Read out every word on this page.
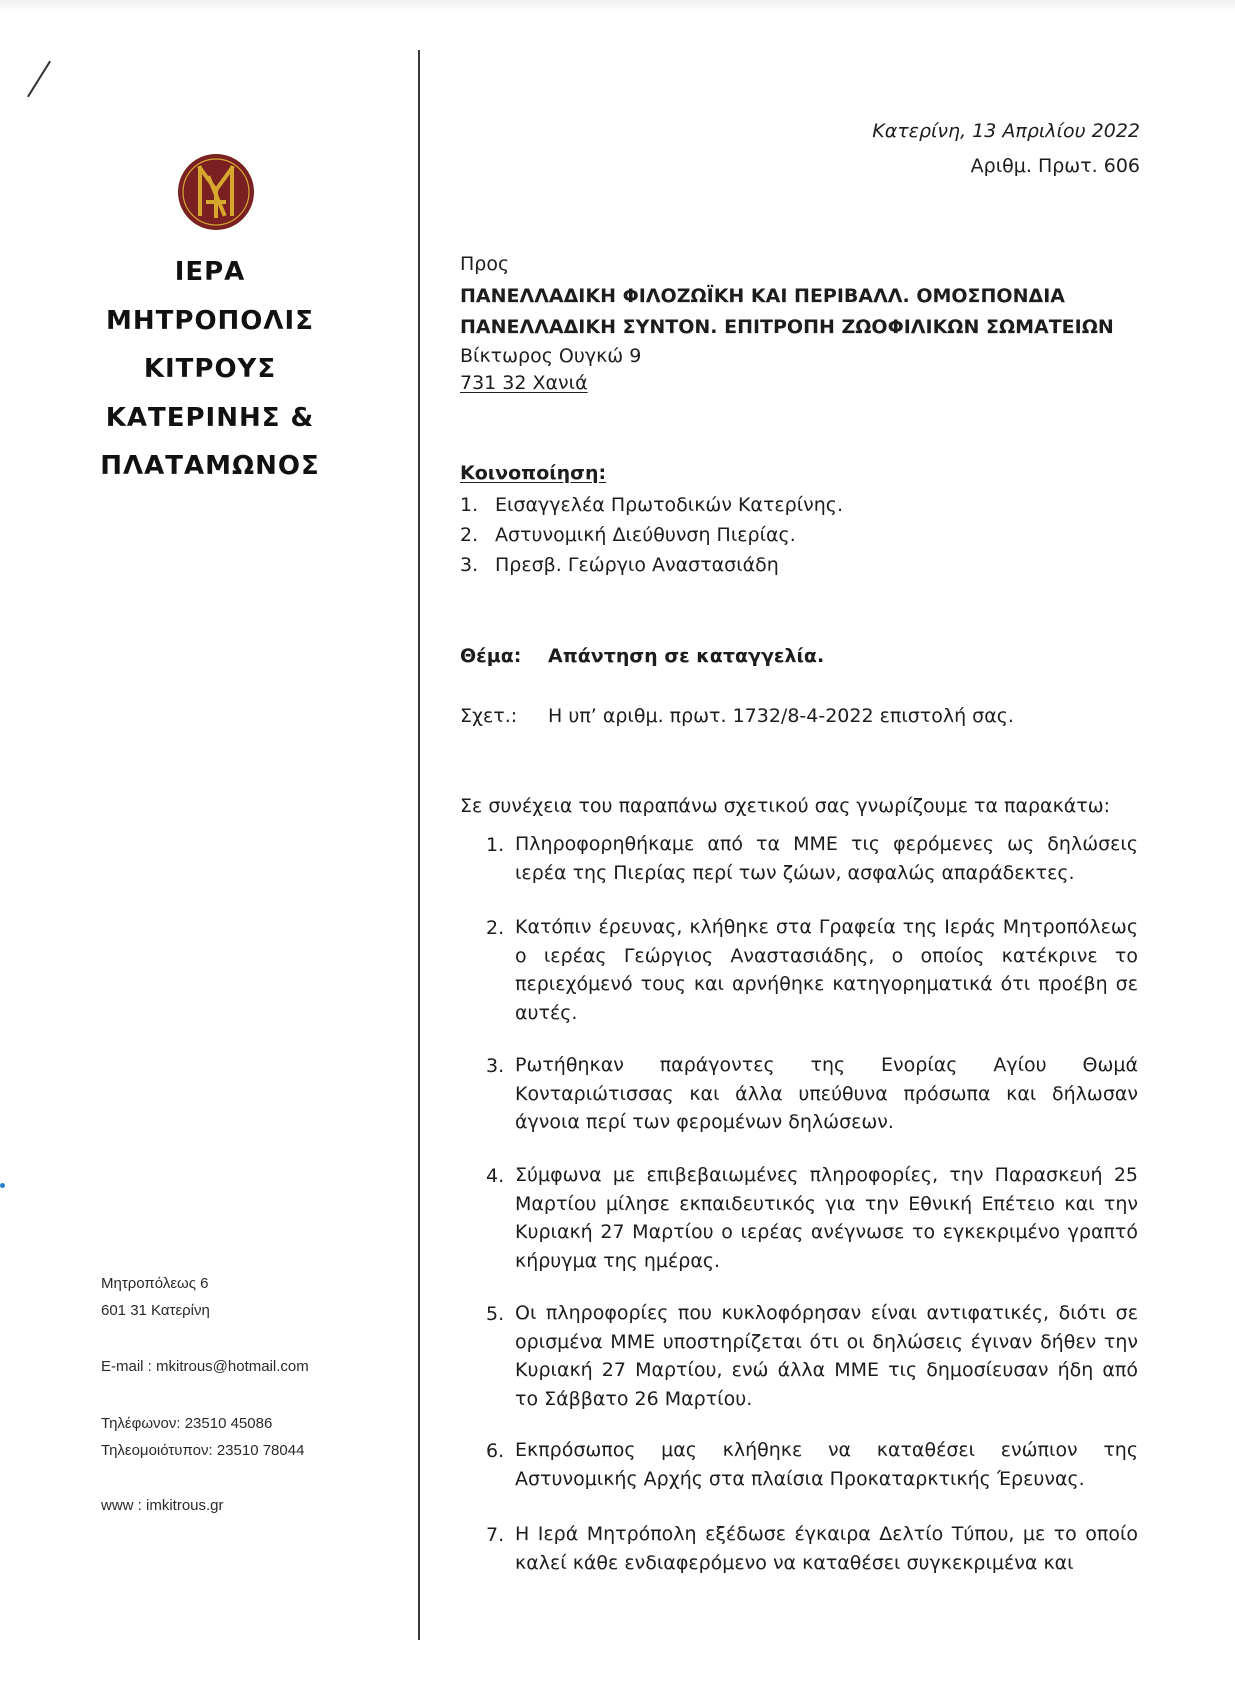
ΙΕΡΑ
ΜΗΤΡΟΠΟΛΙΣ
ΚΙΤΡΟΥΣ
ΚΑΤΕΡΙΝΗΣ &
ΠΛΑΤΑΜΩΝΟΣ
Μητροπόλεως 6
601 31 Κατερίνη
E-mail : mkitrous@hotmail.com
Τηλέφωνον: 23510 45086
Τηλεομοιότυπον: 23510 78044
www : imkitrous.gr
Κατερίνη, 13 Απριλίου 2022
Αριθμ. Πρωτ. 606
Προς
ΠΑΝΕΛΛΑΔΙΚΗ ΦΙΛΟΖΩΪΚΗ ΚΑΙ ΠΕΡΙΒΑΛΛ. ΟΜΟΣΠΟΝΔΙΑ
ΠΑΝΕΛΛΑΔΙΚΗ ΣΥΝΤΟΝ. ΕΠΙΤΡΟΠΗ ΖΩΟΦΙΛΙΚΩΝ ΣΩΜΑΤΕΙΩΝ
Βίκτωρος Ουγκώ 9
731 32 Χανιά
Κοινοποίηση:
1. Εισαγγελέα Πρωτοδικών Κατερίνης.
2. Αστυνομική Διεύθυνση Πιερίας.
3. Πρεσβ. Γεώργιο Αναστασιάδη
Θέμα: Απάντηση σε καταγγελία.
Σχετ.: Η υπ’ αριθμ. πρωτ. 1732/8-4-2022 επιστολή σας.
Σε συνέχεια του παραπάνω σχετικού σας γνωρίζουμε τα παρακάτω:
1. Πληροφορηθήκαμε από τα ΜΜΕ τις φερόμενες ως δηλώσεις ιερέα της Πιερίας περί των ζώων, ασφαλώς απαράδεκτες.
2. Κατόπιν έρευνας, κλήθηκε στα Γραφεία της Ιεράς Μητροπόλεως ο ιερέας Γεώργιος Αναστασιάδης, ο οποίος κατέκρινε το περιεχόμενό τους και αρνήθηκε κατηγορηματικά ότι προέβη σε αυτές.
3. Ρωτήθηκαν παράγοντες της Ενορίας Αγίου Θωμά Κονταριώτισσας και άλλα υπεύθυνα πρόσωπα και δήλωσαν άγνοια περί των φερομένων δηλώσεων.
4. Σύμφωνα με επιβεβαιωμένες πληροφορίες, την Παρασκευή 25 Μαρτίου μίλησε εκπαιδευτικός για την Εθνική Επέτειο και την Κυριακή 27 Μαρτίου ο ιερέας ανέγνωσε το εγκεκριμένο γραπτό κήρυγμα της ημέρας.
5. Οι πληροφορίες που κυκλοφόρησαν είναι αντιφατικές, διότι σε ορισμένα ΜΜΕ υποστηρίζεται ότι οι δηλώσεις έγιναν δήθεν την Κυριακή 27 Μαρτίου, ενώ άλλα ΜΜΕ τις δημοσίευσαν ήδη από το Σάββατο 26 Μαρτίου.
6. Εκπρόσωπος μας κλήθηκε να καταθέσει ενώπιον της Αστυνομικής Αρχής στα πλαίσια Προκαταρκτικής Έρευνας.
7. Η Ιερά Μητρόπολη εξέδωσε έγκαιρα Δελτίο Τύπου, με το οποίο καλεί κάθε ενδιαφερόμενο να καταθέσει συγκεκριμένα και
